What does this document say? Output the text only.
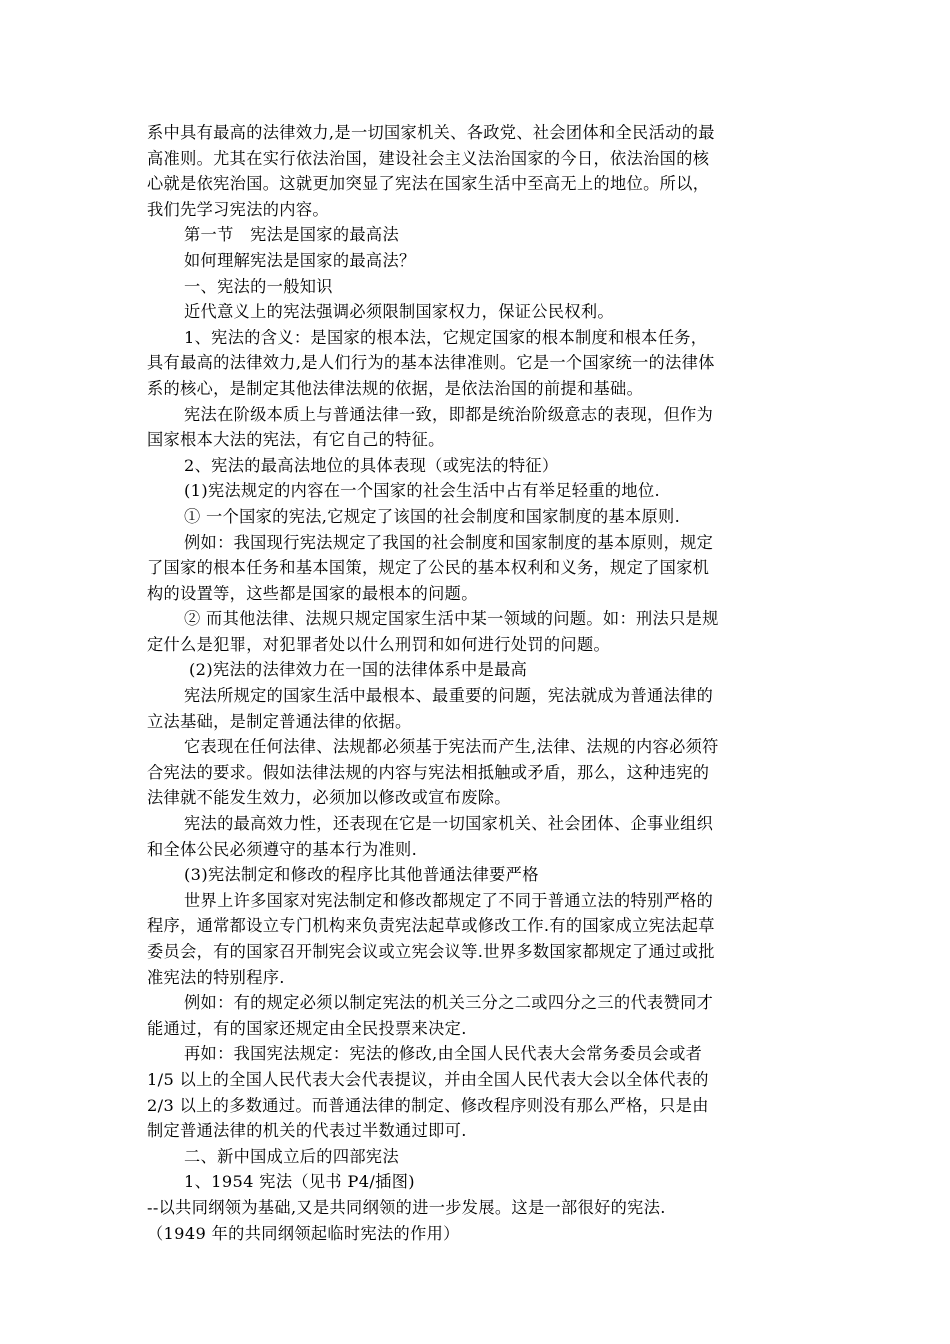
系中具有最高的法律效力,是一切国家机关、各政党、社会团体和全民活动的最
高准则。尤其在实行依法治国，建设社会主义法治国家的今日，依法治国的核
心就是依宪治国。这就更加突显了宪法在国家生活中至高无上的地位。所以，
我们先学习宪法的内容。
第一节　宪法是国家的最高法
如何理解宪法是国家的最高法？
一、宪法的一般知识
近代意义上的宪法强调必须限制国家权力，保证公民权利。
1、宪法的含义：是国家的根本法，它规定国家的根本制度和根本任务，
具有最高的法律效力,是人们行为的基本法律准则。它是一个国家统一的法律体
系的核心，是制定其他法律法规的依据，是依法治国的前提和基础。
宪法在阶级本质上与普通法律一致，即都是统治阶级意志的表现，但作为
国家根本大法的宪法，有它自己的特征。
2、宪法的最高法地位的具体表现（或宪法的特征）
(1)宪法规定的内容在一个国家的社会生活中占有举足轻重的地位.
① 一个国家的宪法,它规定了该国的社会制度和国家制度的基本原则.
例如：我国现行宪法规定了我国的社会制度和国家制度的基本原则，规定
了国家的根本任务和基本国策，规定了公民的基本权利和义务，规定了国家机
构的设置等，这些都是国家的最根本的问题。
② 而其他法律、法规只规定国家生活中某一领域的问题。如：刑法只是规
定什么是犯罪，对犯罪者处以什么刑罚和如何进行处罚的问题。
(2)宪法的法律效力在一国的法律体系中是最高
宪法所规定的国家生活中最根本、最重要的问题，宪法就成为普通法律的
立法基础，是制定普通法律的依据。
它表现在任何法律、法规都必须基于宪法而产生,法律、法规的内容必须符
合宪法的要求。假如法律法规的内容与宪法相抵触或矛盾，那么，这种违宪的
法律就不能发生效力，必须加以修改或宣布废除。
宪法的最高效力性，还表现在它是一切国家机关、社会团体、企事业组织
和全体公民必须遵守的基本行为准则.
(3)宪法制定和修改的程序比其他普通法律要严格
世界上许多国家对宪法制定和修改都规定了不同于普通立法的特别严格的
程序，通常都设立专门机构来负责宪法起草或修改工作.有的国家成立宪法起草
委员会，有的国家召开制宪会议或立宪会议等.世界多数国家都规定了通过或批
准宪法的特别程序.
例如：有的规定必须以制定宪法的机关三分之二或四分之三的代表赞同才
能通过，有的国家还规定由全民投票来决定.
再如：我国宪法规定：宪法的修改,由全国人民代表大会常务委员会或者
1/5 以上的全国人民代表大会代表提议，并由全国人民代表大会以全体代表的
2/3 以上的多数通过。而普通法律的制定、修改程序则没有那么严格，只是由
制定普通法律的机关的代表过半数通过即可.
二、新中国成立后的四部宪法
1、1954 宪法（见书 P4/插图)
--以共同纲领为基础,又是共同纲领的进一步发展。这是一部很好的宪法.
（1949 年的共同纲领起临时宪法的作用）
